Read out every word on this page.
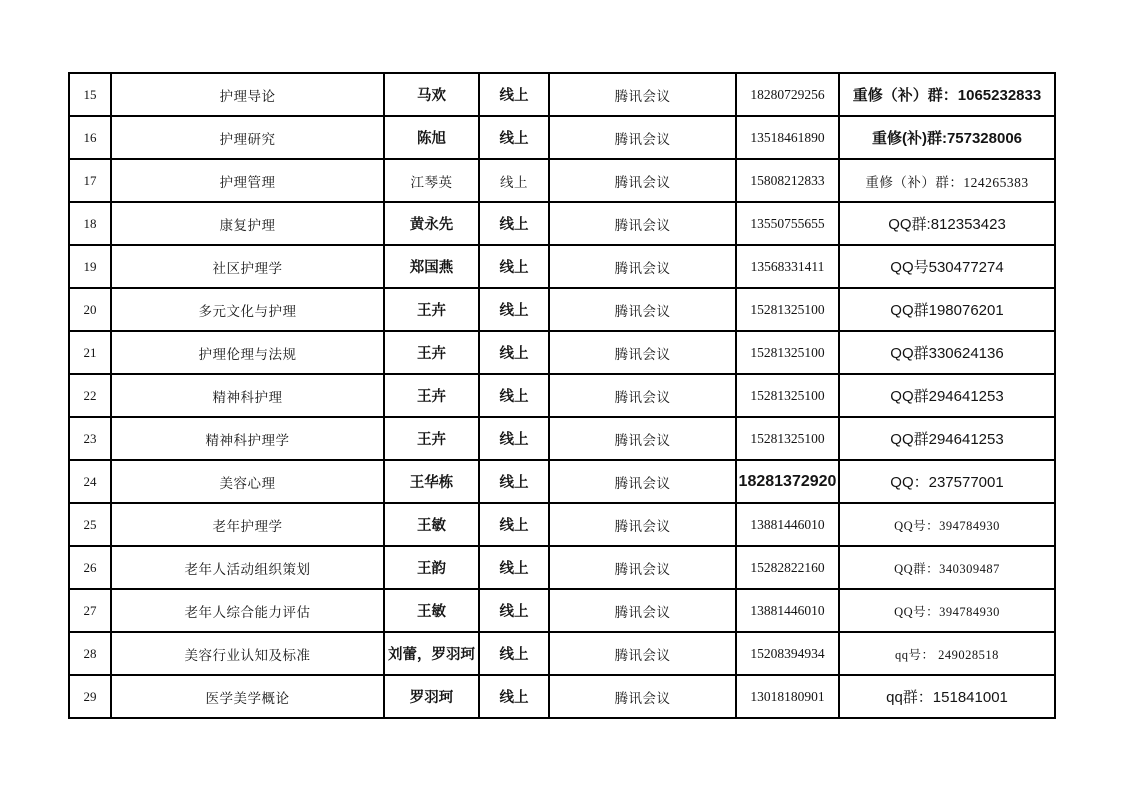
15	护理导论	马欢	线上	腾讯会议	18280729256	重修（补）群：1065232833
16	护理研究	陈旭	线上	腾讯会议	13518461890	重修(补)群:757328006
17	护理管理	江琴英	线上	腾讯会议	15808212833	重修（补）群：124265383
18	康复护理	黄永先	线上	腾讯会议	13550755655	QQ群:812353423
19	社区护理学	郑国燕	线上	腾讯会议	13568331411	QQ号530477274
20	多元文化与护理	王卉	线上	腾讯会议	15281325100	QQ群198076201
21	护理伦理与法规	王卉	线上	腾讯会议	15281325100	QQ群330624136
22	精神科护理	王卉	线上	腾讯会议	15281325100	QQ群294641253
23	精神科护理学	王卉	线上	腾讯会议	15281325100	QQ群294641253
24	美容心理	王华栋	线上	腾讯会议	18281372920	QQ：237577001
25	老年护理学	王敏	线上	腾讯会议	13881446010	QQ号：394784930
26	老年人活动组织策划	王韵	线上	腾讯会议	15282822160	QQ群：340309487
27	老年人综合能力评估	王敏	线上	腾讯会议	13881446010	QQ号：394784930
28	美容行业认知及标准	刘蕾，罗羽珂	线上	腾讯会议	15208394934	qq号： 249028518
29	医学美学概论	罗羽珂	线上	腾讯会议	13018180901	qq群：151841001
